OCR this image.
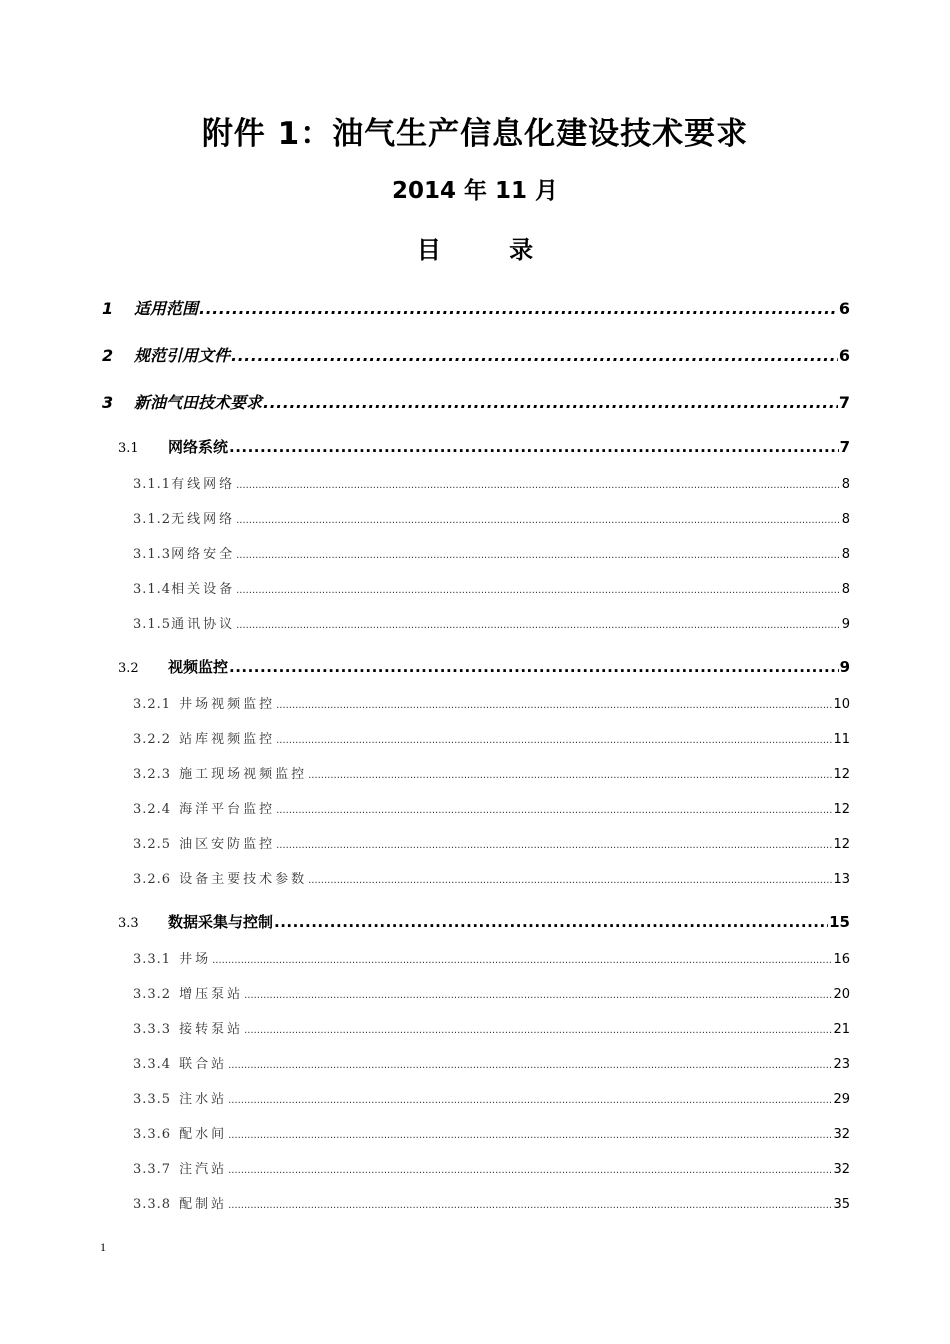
附件 1：油气生产信息化建设技术要求
2014 年 11 月
目 录
1	适用范围 .....	6
2	规范引用文件 .....	6
3	新油气田技术要求 .....	7
3.1	网络系统 .....	7
3.1.1 有线网络 .....	8
3.1.2 无线网络 .....	8
3.1.3 网络安全 .....	8
3.1.4 相关设备 .....	8
3.1.5 通讯协议 .....	9
3.2	视频监控 .....	9
3.2.1 井场视频监控 .....	10
3.2.2 站库视频监控 .....	11
3.2.3 施工现场视频监控 .....	12
3.2.4 海洋平台监控 .....	12
3.2.5 油区安防监控 .....	12
3.2.6 设备主要技术参数 .....	13
3.3	数据采集与控制 .....	15
3.3.1 井场 .....	16
3.3.2 增压泵站 .....	20
3.3.3 接转泵站 .....	21
3.3.4 联合站 .....	23
3.3.5 注水站 .....	29
3.3.6 配水间 .....	32
3.3.7 注汽站 .....	32
3.3.8 配制站 .....	35
1
